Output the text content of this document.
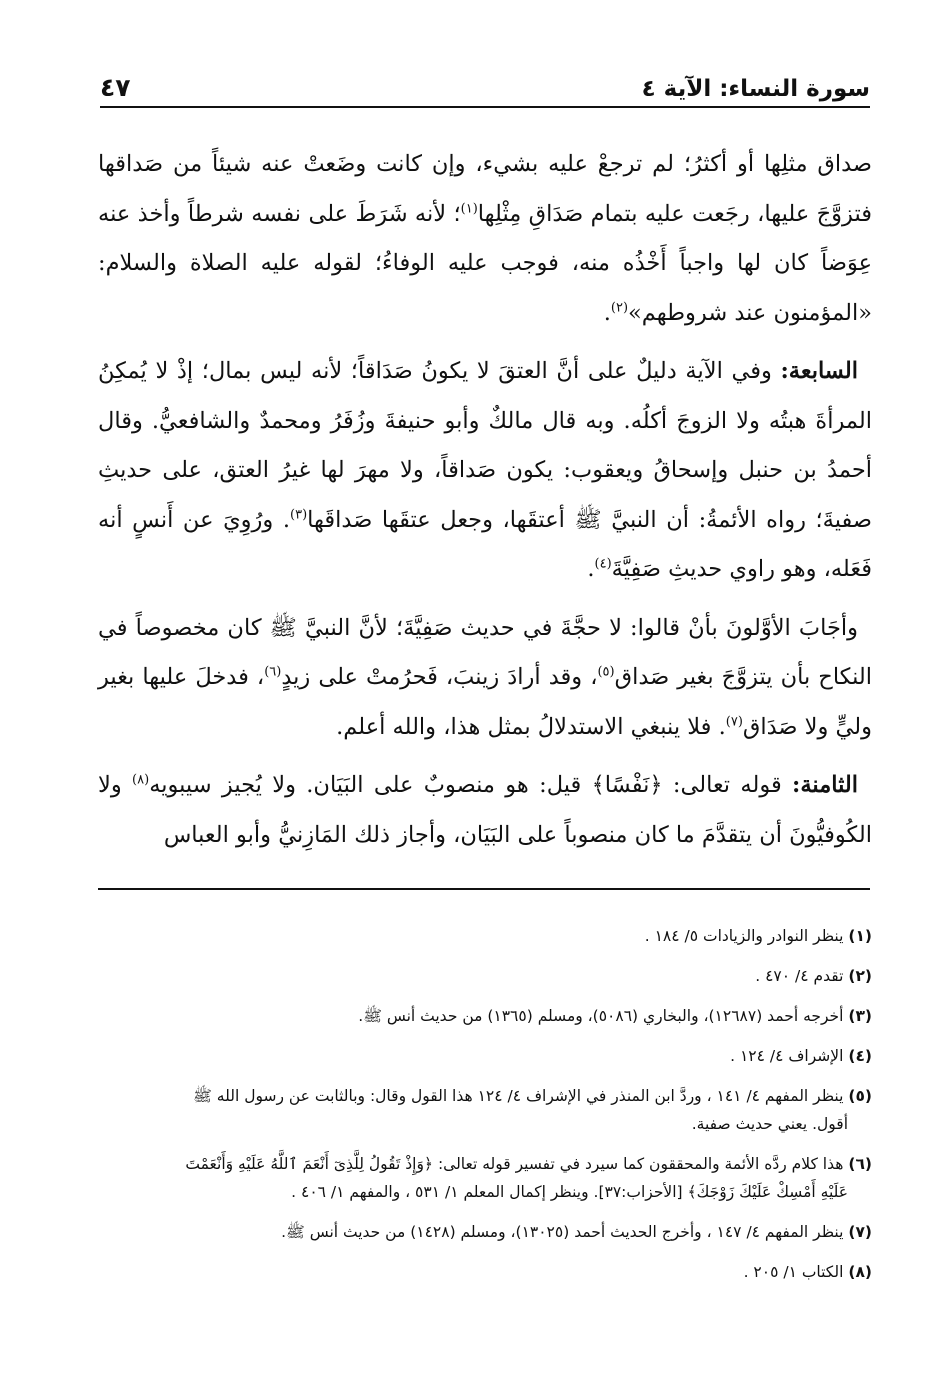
سورة النساء: الآية ٤
٤٧

صداق مثلِها أو أكثرُ؛ لم ترجعْ عليه بشيء، وإن كانت وضَعتْ عنه شيئاً من صَداقها فتزوَّجَ عليها، رجَعت عليه بتمام صَدَاقِ مِثْلِها$^{(١)}$؛ لأنه شَرَطَ على نفسه شرطاً وأخذ عنه عِوَضاً كان لها واجباً أَخْذُه منه، فوجب عليه الوفاءُ؛ لقوله عليه الصلاة والسلام: «المؤمنون عند شروطهم»$^{(٢)}$.

السابعة: وفي الآية دليلٌ على أنَّ العتقَ لا يكونُ صَدَاقاً؛ لأنه ليس بمال؛ إذْ لا يُمكِنُ المرأةَ هبتُه ولا الزوجَ أكلُه. وبه قال مالكٌ وأبو حنيفةَ وزُفَرُ ومحمدٌ والشافعيُّ. وقال أحمدُ بن حنبل وإسحاقُ ويعقوب: يكون صَداقاً، ولا مهرَ لها غيرُ العتق، على حديثِ صفيةَ؛ رواه الأئمةُ: أن النبيَّ ﷺ أعتقَها، وجعل عتقَها صَداقَها$^{(٣)}$. ورُوِيَ عن أَنسٍ أنه فَعَله، وهو راوي حديثِ صَفِيَّةَ$^{(٤)}$.

وأجَابَ الأوَّلونَ بأنْ قالوا: لا حجَّةَ في حديث صَفِيَّةَ؛ لأنَّ النبيَّ ﷺ كان مخصوصاً في النكاح بأن يتزوَّجَ بغير صَداق$^{(٥)}$، وقد أرادَ زينبَ، فَحرُمتْ على زيدٍ$^{(٦)}$، فدخلَ عليها بغير وليٍّ ولا صَدَاق$^{(٧)}$. فلا ينبغي الاستدلالُ بمثل هذا، والله أعلم.

الثامنة: قوله تعالى: ﴿نَفْسًا﴾ قيل: هو منصوبٌ على البَيَان. ولا يُجيز سيبويه$^{(٨)}$ ولا الكُوفيُّونَ أن يتقدَّمَ ما كان منصوباً على البَيَان، وأجاز ذلك المَازِنيُّ وأبو العباس

(١) ينظر النوادر والزيادات ٥/ ١٨٤ .
(٢) تقدم ٤/ ٤٧٠ .
(٣) أخرجه أحمد (١٢٦٨٧)، والبخاري (٥٠٨٦)، ومسلم (١٣٦٥) من حديث أنس ﷺ.
(٤) الإشراف ٤/ ١٢٤ .
(٥) ينظر المفهم ٤/ ١٤١ ، وردَّ ابن المنذر في الإشراف ٤/ ١٢٤ هذا القول وقال: وبالثابت عن رسول الله ﷺ
أقول. يعني حديث صفية.
(٦) هذا كلام ردَّه الأئمة والمحققون كما سيرد في تفسير قوله تعالى: ﴿وَإِذْ تَقُولُ لِلَّذِىٓ أَنْعَمَ ٱللَّهُ عَلَيْهِ وَأَنْعَمْتَ
عَلَيْهِ أَمْسِكْ عَلَيْكَ زَوْجَكَ﴾ [الأحزاب:٣٧]. وينظر إكمال المعلم ١/ ٥٣١ ، والمفهم ١/ ٤٠٦ .
(٧) ينظر المفهم ٤/ ١٤٧ ، وأخرج الحديث أحمد (١٣٠٢٥)، ومسلم (١٤٢٨) من حديث أنس ﷺ.
(٨) الكتاب ١/ ٢٠٥ .
